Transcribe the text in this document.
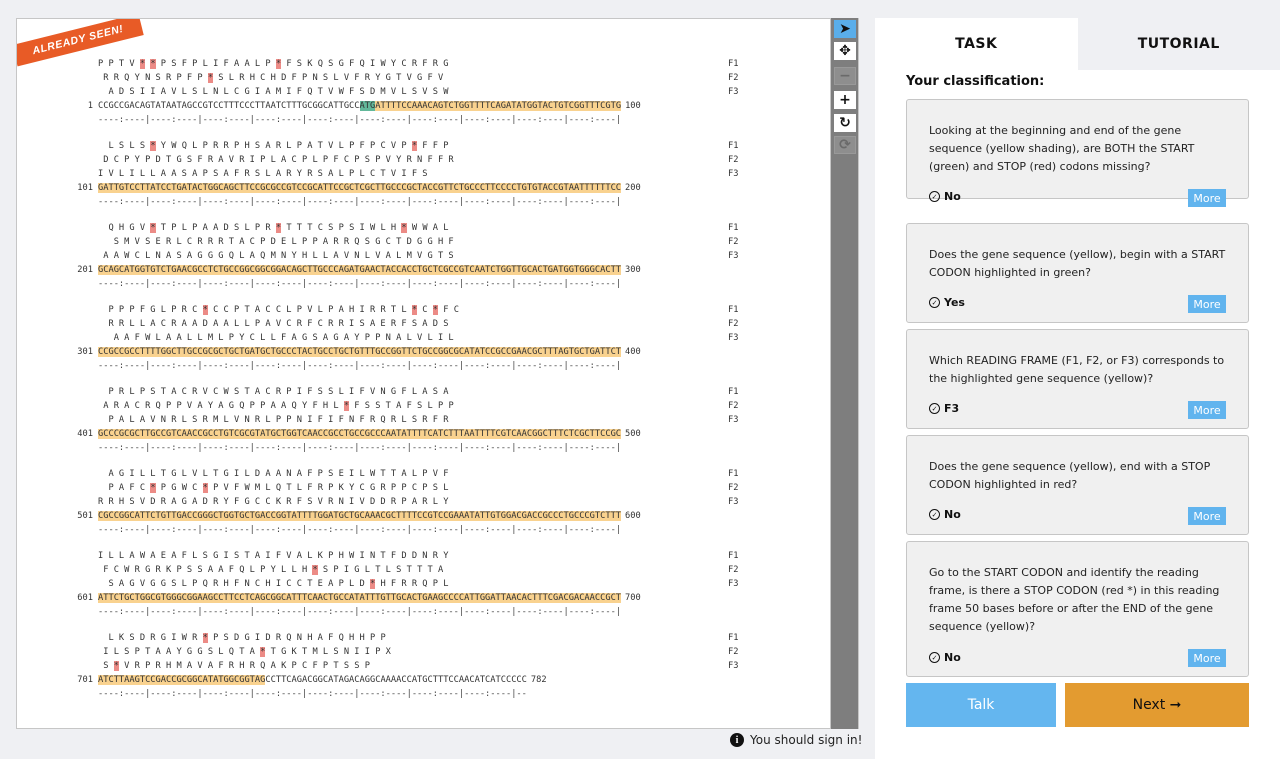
ALREADY SEEN!
P P T V * * P S F P L I F A A L P * F S K Q S G F Q I W Y C R F R G	F1
R R Q Y N S R P F P * S L R H C H D F P N S L V F R Y G T V G F V	F2
A D S I I A V L S L N L C G I A M I F Q T V W F S D M V L S V S W	F3
1 CCGCCGACAGTATAATAGCCGTCCTTTCCCTTAATCTTTGCGGCATTGCCATGATTTTCCAAACAGTCTGGTTTTCAGATATGGTACTGTCGGTTTCGTG 100
----:----|----:----|----:----|----:----|----:----|----:----|----:----|----:----|----:----|----:----|
L S L S * Y W Q L P R R P H S A R L P A T V L P F P C V P * F F P	F1
D C P Y P D T G S F R A V R I P L A C P L P F C P S P V Y R N F F R	F2
I V L I L L A A S A P S A F R S L A R Y R S A L P L C T V I F S	F3
101 GATTGTCCTTATCCTGATACTGGCAGCTTCCGCGCCGTCCGCATTCCGCTCGCTTGCCCGCTACCGTTCTGCCCTTCCCCTGTGTACCGTAATTTTTTCC 200
----:----|----:----|----:----|----:----|----:----|----:----|----:----|----:----|----:----|----:----|
Q H G V * T P L P A A D S L P R * T T T C S P S I W L H * W W A L	F1
S M V S E R L C R R R T A C P D E L P P A R R Q S G C T D G G H F	F2
A A W C L N A S A G G G Q L A Q M N Y H L L A V N L V A L M V G T S	F3
201 GCAGCATGGTGTCTGAACGCCTCTGCCGGCGGCGGACAGCTTGCCCAGATGAACTACCACCTGCTCGCCGTCAATCTGGTTGCACTGATGGTGGGCACTT 300
----:----|----:----|----:----|----:----|----:----|----:----|----:----|----:----|----:----|----:----|
P P P F G L P R C * C C P T A C C L P V L P A H I R R T L * C * F C	F1
R R L L A C R A A D A A L L P A V C R F C R R I S A E R F S A D S	F2
A A F W L A A L L M L P Y C L L F A G S A G A Y P P N A L V L I L	F3
301 CCGCCGCCTTTTGGCTTGCCGCGCTGCTGATGCTGCCCTACTGCCTGCTGTTTGCCGGTTCTGCCGGCGCATATCCGCCGAACGCTTTAGTGCTGATTCT 400
----:----|----:----|----:----|----:----|----:----|----:----|----:----|----:----|----:----|----:----|
P R L P S T A C R V C W S T A C R P I F S S L I F V N G F L A S A	F1
A R A C R Q P P V A Y A G Q P P A A Q Y F H L * F S S T A F S L P P	F2
P A L A V N R L S R M L V N R L P P N I F I F N F R Q R L S R F R	F3
401 GCCCGCGCTTGCCGTCAACCGCCTGTCGCGTATGCTGGTCAACCGCCTGCCGCCCAATATTTTCATCTTTAATTTTCGTCAACGGCTTTCTCGCTTCCGC 500
----:----|----:----|----:----|----:----|----:----|----:----|----:----|----:----|----:----|----:----|
A G I L L T G L V L T G I L D A A N A F P S E I L W T T A L P V F	F1
P A F C * P G W C * P V F W M L Q T L F R P K Y C G R P P C P S L	F2
R R H S V D R A G A D R Y F G C C K R F S V R N I V D D R P A R L Y	F3
501 CGCCGGCATTCTGTTGACCGGGCTGGTGCTGACCGGTATTTTGGATGCTGCAAACGCTTTTCCGTCCGAAATATTGTGGACGACCGCCCTGCCCGTCTTT 600
----:----|----:----|----:----|----:----|----:----|----:----|----:----|----:----|----:----|----:----|
I L L A W A E A F L S G I S T A I F V A L K P H W I N T F D D N R Y	F1
F C W R G R K P S S A A F Q L P Y L L H * S P I G L T L S T T T A	F2
S A G V G G S L P Q R H F N C H I C C T E A P L D * H F R R Q P L	F3
601 ATTCTGCTGGCGTGGGCGGAAGCCTTCCTCAGCGGCATTTCAACTGCCATATTTGTTGCACTGAAGCCCCATTGGATTAACACTTTCGACGACAACCGCT 700
----:----|----:----|----:----|----:----|----:----|----:----|----:----|----:----|----:----|----:----|
L K S D R G I W R * P S D G I D R Q N H A F Q H H P P	F1
I L S P T A A Y G G S L Q T A * T G K T M L S N I I P X	F2
S * V R P R H M A V A F R H R Q A K P C F P T S S P	F3
701 ATCTTAAGTCCGACCGCGGCATATGGCGGTAGCCTTCAGACGGCATAGACAGGCAAAACCATGCTTTCCAACATCATCCCCC 782
----:----|----:----|----:----|----:----|----:----|----:----|----:----|----:----|--
➤
✥
−
+
↻
⟳
i You should sign in!
TASK	TUTORIAL
Your classification:
Looking at the beginning and end of the gene sequence (yellow shading), are BOTH the START (green) and STOP (red) codons missing?
✓ No	More
Does the gene sequence (yellow), begin with a START CODON highlighted in green?
✓ Yes	More
Which READING FRAME (F1, F2, or F3) corresponds to the highlighted gene sequence (yellow)?
✓ F3	More
Does the gene sequence (yellow), end with a STOP CODON highlighted in red?
✓ No	More
Go to the START CODON and identify the reading frame, is there a STOP CODON (red *) in this reading frame 50 bases before or after the END of the gene sequence (yellow)?
✓ No	More
Talk	Next ➞
